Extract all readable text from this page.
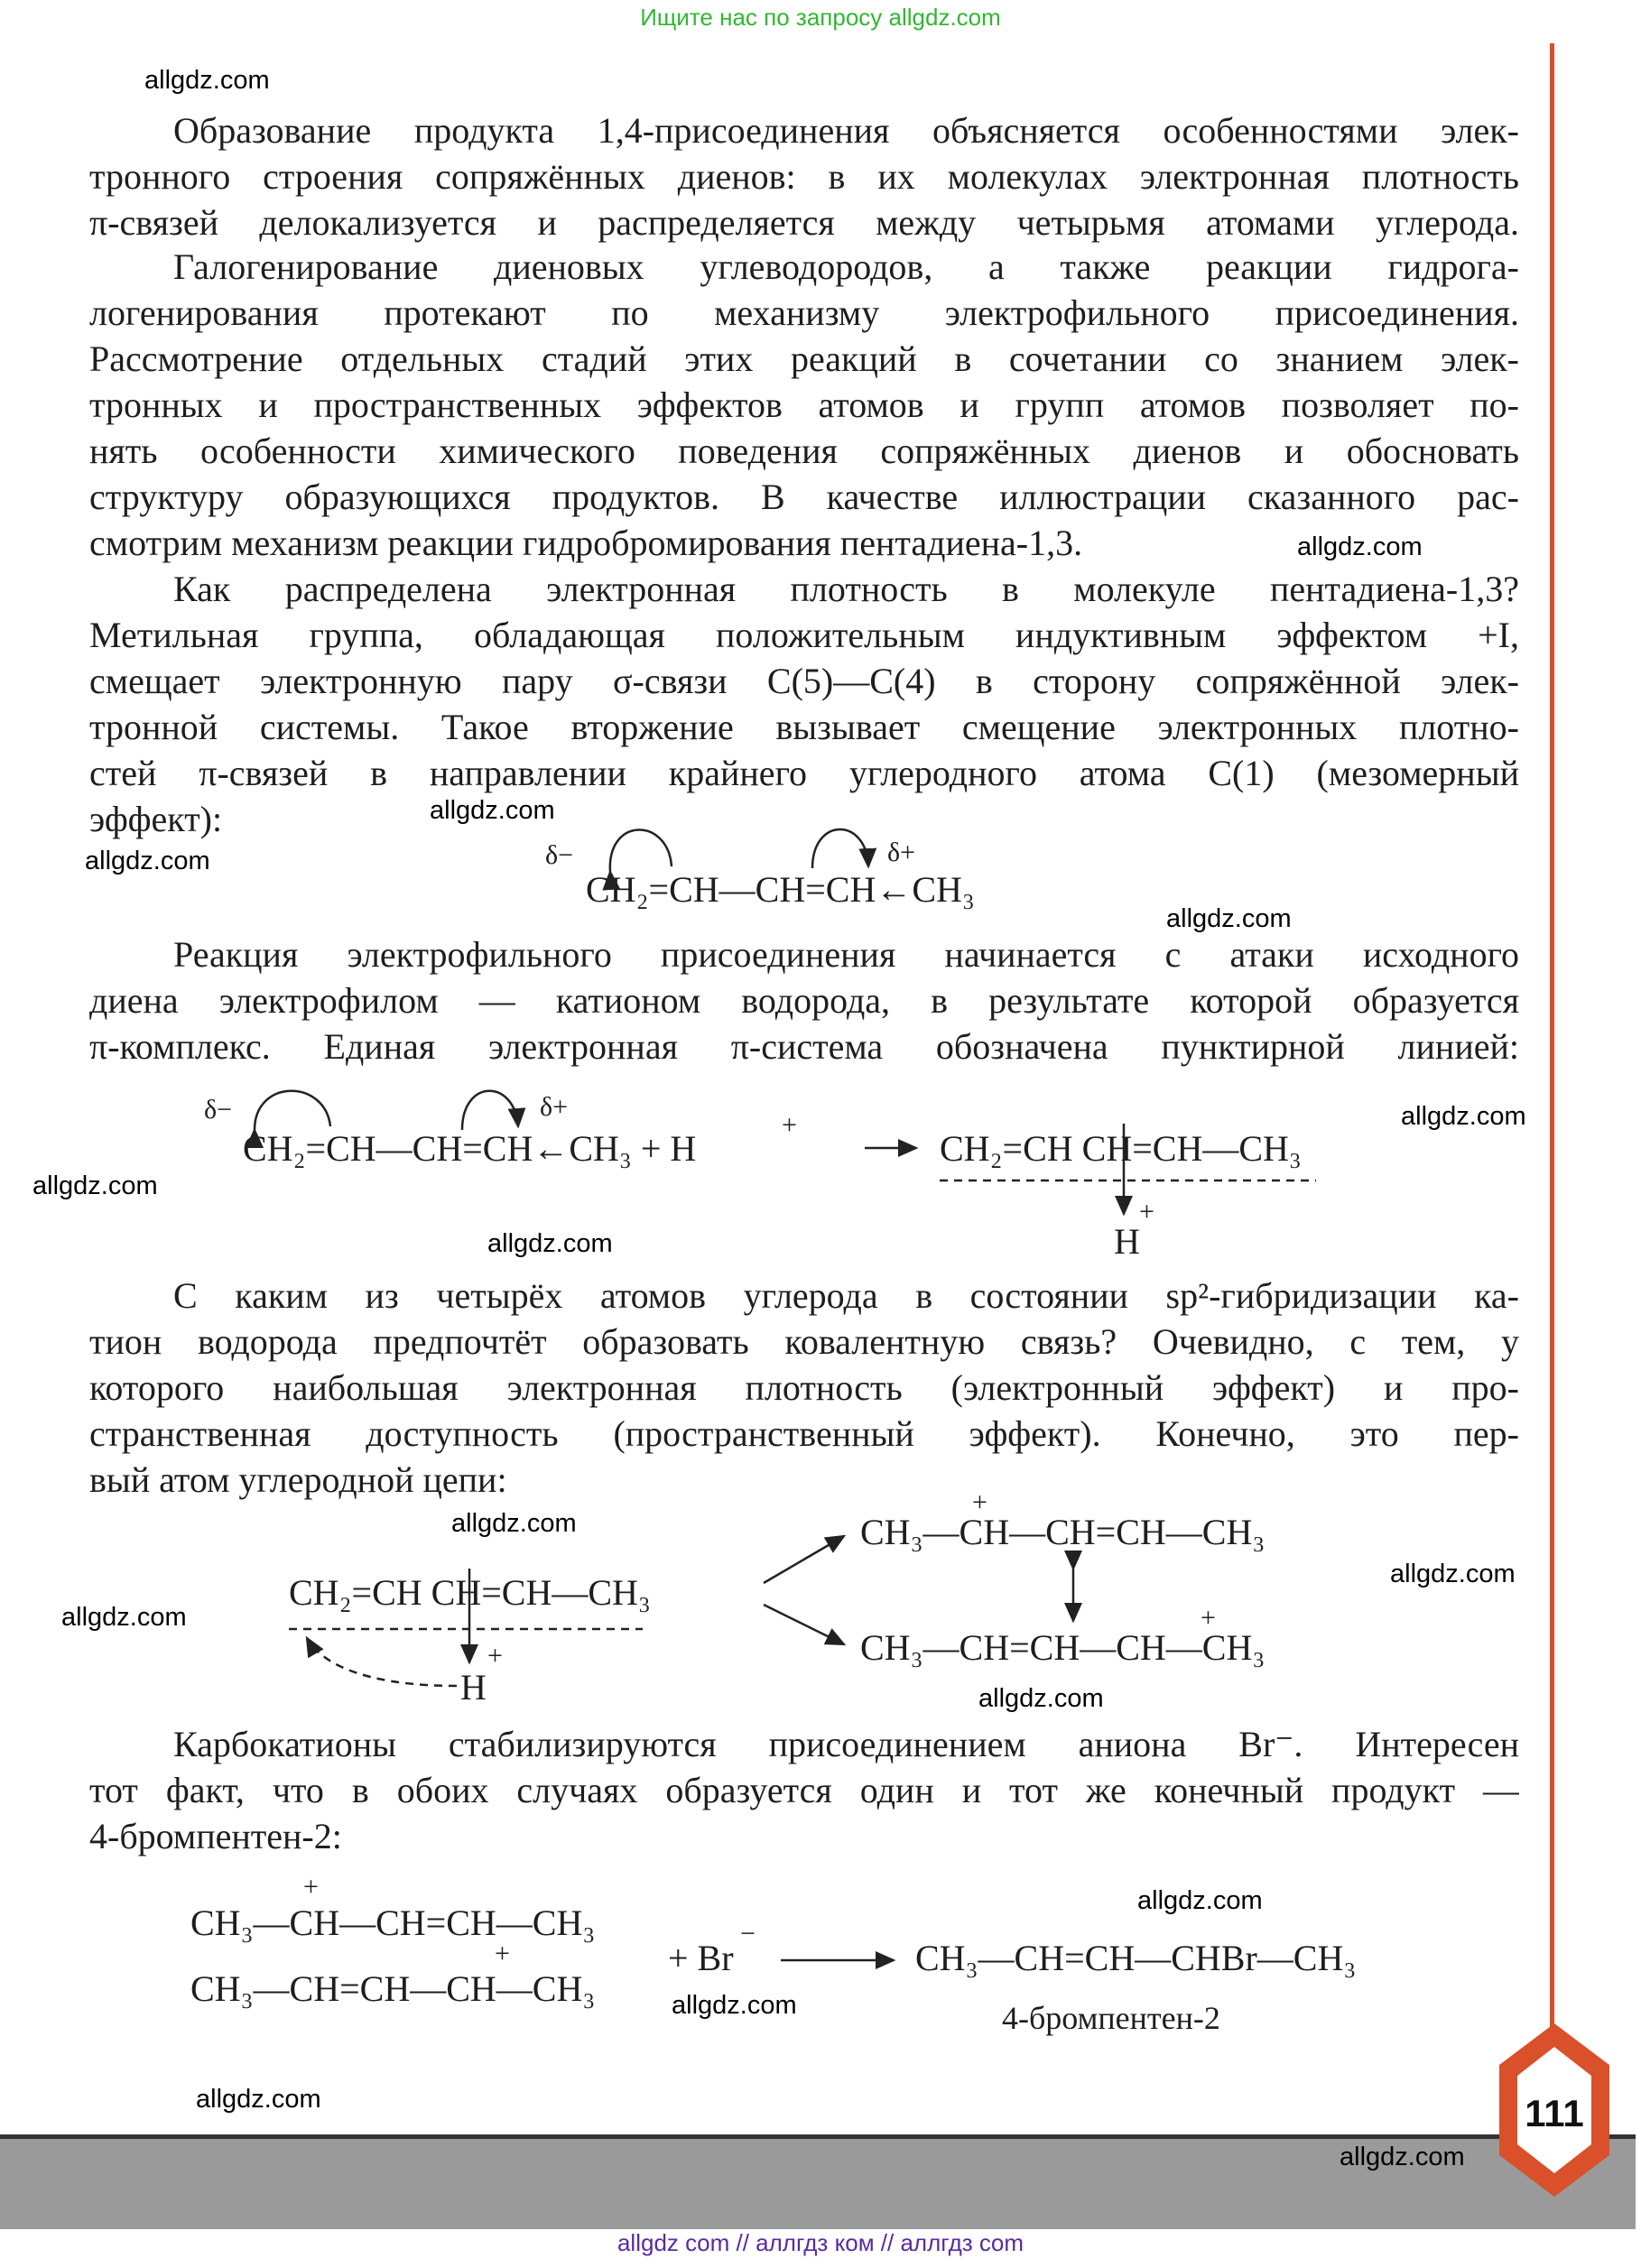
Ищите нас по запросу allgdz.com
Образование продукта 1,4-присоединения объясняется особенностями элек-
тронного строения сопряжённых диенов: в их молекулах электронная плотность
π-связей делокализуется и распределяется между четырьмя атомами углерода.
Галогенирование диеновых углеводородов, а также реакции гидрога-
логенирования протекают по механизму электрофильного присоединения.
Рассмотрение отдельных стадий этих реакций в сочетании со знанием элек-
тронных и пространственных эффектов атомов и групп атомов позволяет по-
нять особенности химического поведения сопряжённых диенов и обосновать
структуру образующихся продуктов. В качестве иллюстрации сказанного рас-
смотрим механизм реакции гидробромирования пентадиена-1,3.
Как распределена электронная плотность в молекуле пентадиена-1,3?
Метильная группа, обладающая положительным индуктивным эффектом +I,
смещает электронную пару σ-связи C(5)—C(4) в сторону сопряжённой элек-
тронной системы. Такое вторжение вызывает смещение электронных плотно-
стей π-связей в направлении крайнего углеродного атома C(1) (мезомерный
эффект):
Реакция электрофильного присоединения начинается с атаки исходного
диена электрофилом — катионом водорода, в результате которой образуется
π-комплекс. Единая электронная π-система обозначена пунктирной линией:
С каким из четырёх атомов углерода в состоянии sp²-гибридизации ка-
тион водорода предпочтёт образовать ковалентную связь? Очевидно, с тем, у
которого наибольшая электронная плотность (электронный эффект) и про-
странственная доступность (пространственный эффект). Конечно, это пер-
вый атом углеродной цепи:
Карбокатионы стабилизируются присоединением аниона Br⁻. Интересен
тот факт, что в обоих случаях образуется один и тот же конечный продукт —
4-бромпентен-2:
δ−	δ+
CH₂=CH—CH=CH←CH₃
δ−	δ+
CH₂=CH—CH=CH←CH₃ + H
+
CH₂=CH CH=CH—CH₃
H
+
CH₂=CH CH=CH—CH₃
H
+
CH₃—CH—CH=CH—CH₃
+
CH₃—CH=CH—CH—CH₃
+
CH₃—CH—CH=CH—CH₃
+
CH₃—CH=CH—CH—CH₃
+	+ Br
−
CH₃—CH=CH—CHBr—CH₃
4-бромпентен-2
111
allgdz.com
allgdz.com
allgdz.com
allgdz.com
allgdz.com
allgdz.com
allgdz.com
allgdz.com
allgdz.com
allgdz.com
allgdz.com
allgdz.com
allgdz.com
allgdz.com
allgdz.com
allgdz.com
allgdz com // аллгдз ком // аллгдз com
